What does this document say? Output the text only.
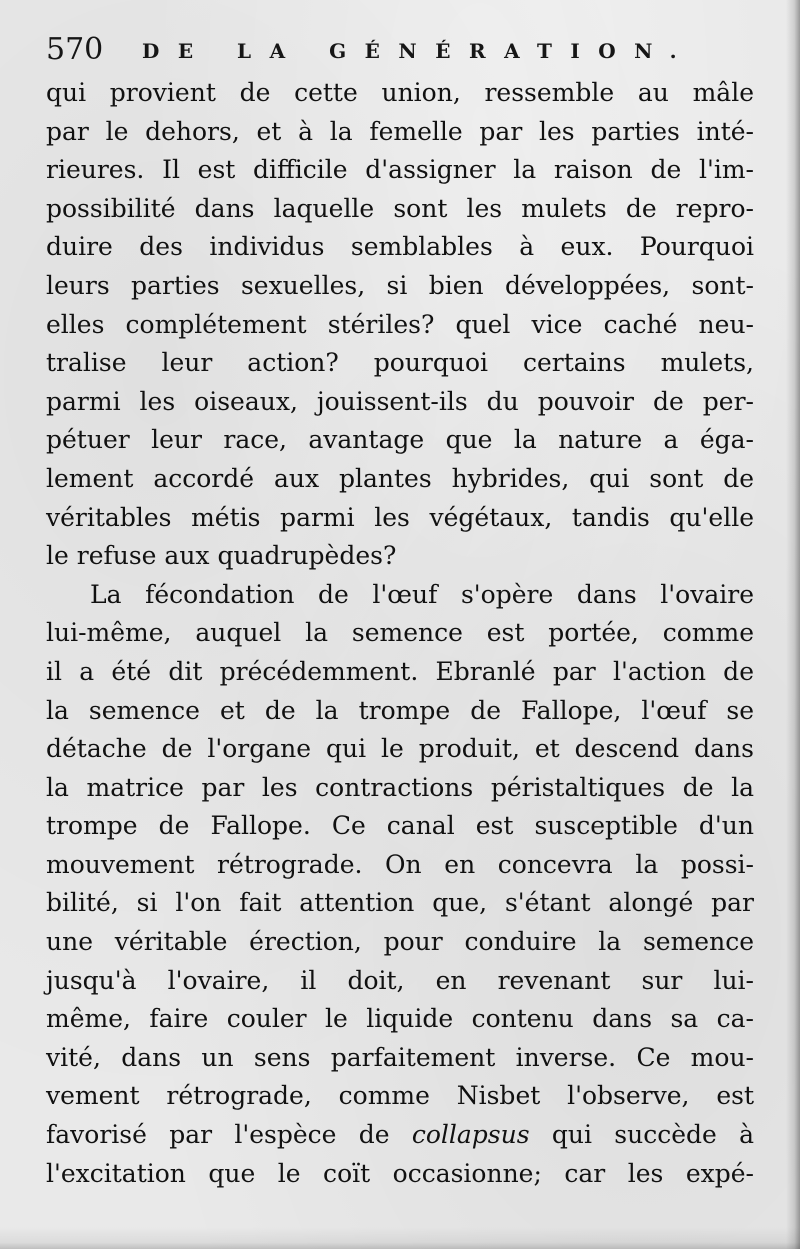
570 DE LA GÉNÉRATION.
qui provient de cette union, ressemble au mâle
par le dehors, et à la femelle par les parties inté-
rieures. Il est difficile d'assigner la raison de l'im-
possibilité dans laquelle sont les mulets de repro-
duire des individus semblables à eux. Pourquoi
leurs parties sexuelles, si bien développées, sont-
elles complétement stériles? quel vice caché neu-
tralise leur action? pourquoi certains mulets,
parmi les oiseaux, jouissent-ils du pouvoir de per-
pétuer leur race, avantage que la nature a éga-
lement accordé aux plantes hybrides, qui sont de
véritables métis parmi les végétaux, tandis qu'elle
le refuse aux quadrupèdes?
La fécondation de l'œuf s'opère dans l'ovaire
lui-même, auquel la semence est portée, comme
il a été dit précédemment. Ebranlé par l'action de
la semence et de la trompe de Fallope, l'œuf se
détache de l'organe qui le produit, et descend dans
la matrice par les contractions péristaltiques de la
trompe de Fallope. Ce canal est susceptible d'un
mouvement rétrograde. On en concevra la possi-
bilité, si l'on fait attention que, s'étant alongé par
une véritable érection, pour conduire la semence
jusqu'à l'ovaire, il doit, en revenant sur lui-
même, faire couler le liquide contenu dans sa ca-
vité, dans un sens parfaitement inverse. Ce mou-
vement rétrograde, comme Nisbet l'observe, est
favorisé par l'espèce de collapsus qui succède à
l'excitation que le coït occasionne; car les expé-
